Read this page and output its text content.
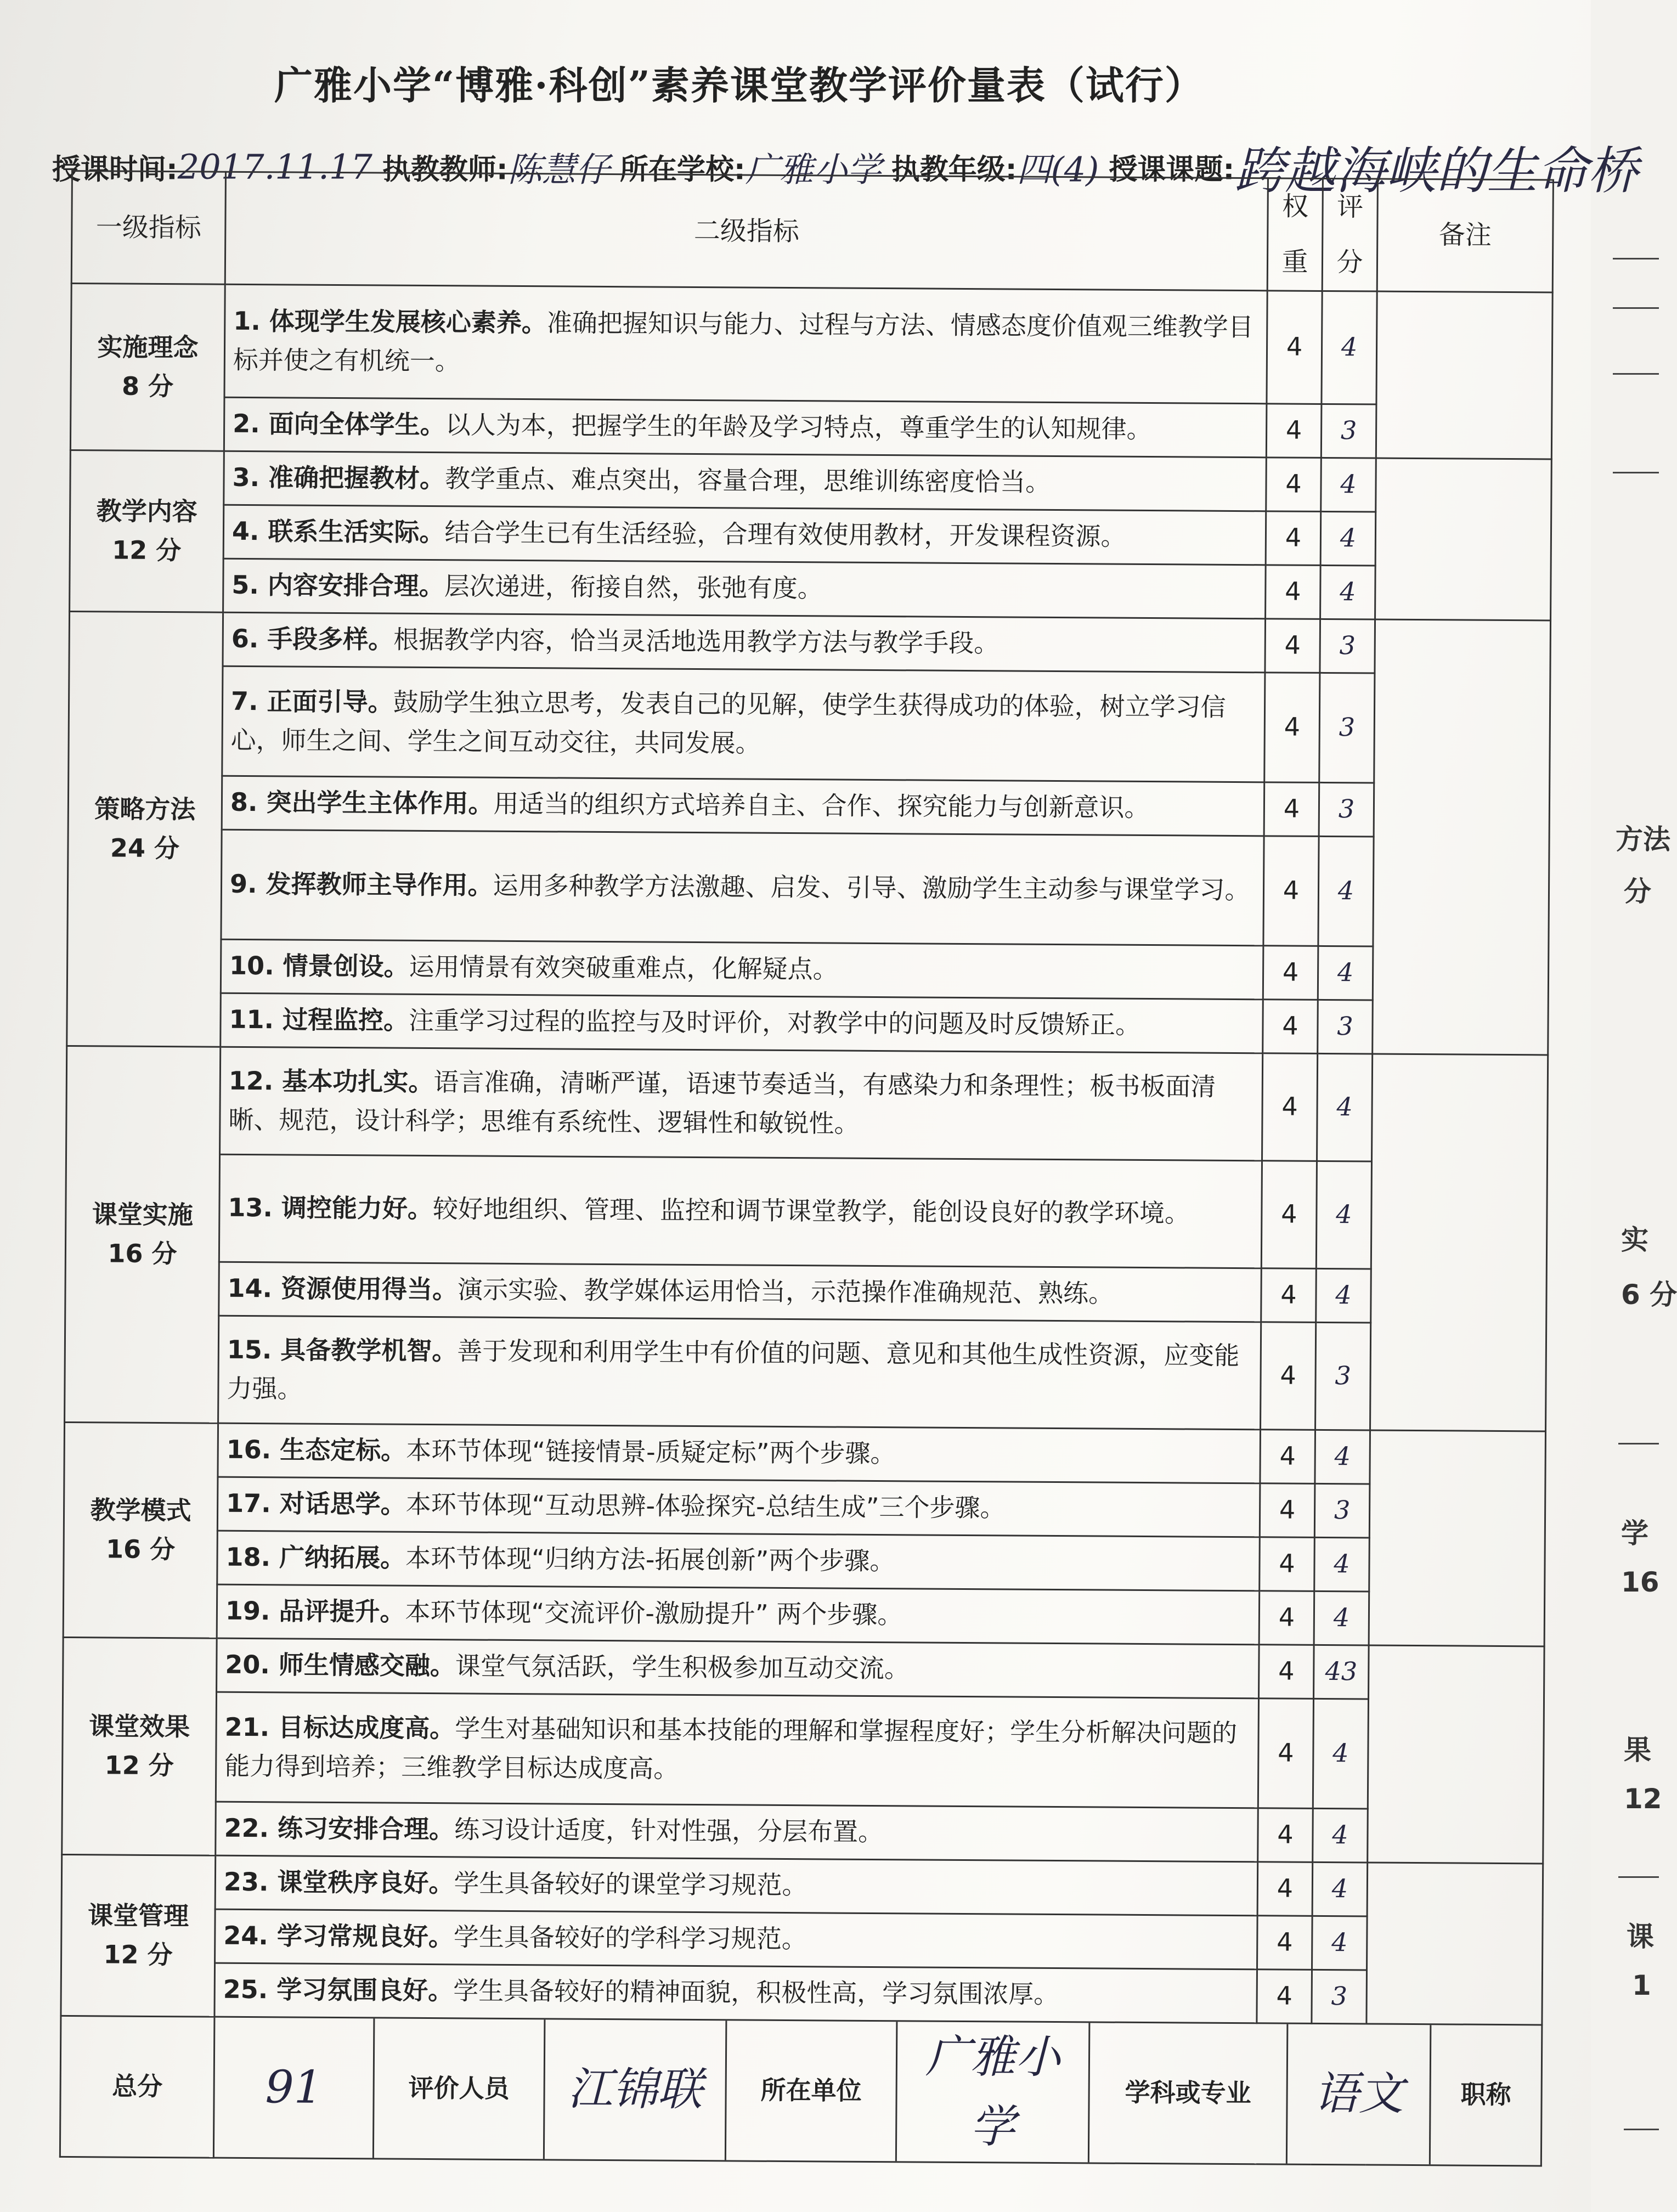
广雅小学“博雅·科创”素养课堂教学评价量表（试行）
授课时间:2017.11.17 执教教师:陈慧仔 所在学校:广雅小学 执教年级:四(4) 授课课题:跨越海峡的生命桥
一级指标	二级指标	权重	评分	备注
实施理念
8 分
	1. 体现学生发展核心素养。准确把握知识与能力、过程与方法、情感态度价值观三维教学目标并使之有机统一。	4	4	
2. 面向全体学生。以人为本，把握学生的年龄及学习特点，尊重学生的认知规律。	4	3
教学内容
12 分
	3. 准确把握教材。教学重点、难点突出，容量合理，思维训练密度恰当。	4	4	
4. 联系生活实际。结合学生已有生活经验，合理有效使用教材，开发课程资源。	4	4
5. 内容安排合理。层次递进，衔接自然，张弛有度。	4	4
策略方法
24 分
	6. 手段多样。根据教学内容，恰当灵活地选用教学方法与教学手段。	4	3	
7. 正面引导。鼓励学生独立思考，发表自己的见解，使学生获得成功的体验，树立学习信心，师生之间、学生之间互动交往，共同发展。	4	3
8. 突出学生主体作用。用适当的组织方式培养自主、合作、探究能力与创新意识。	4	3
9. 发挥教师主导作用。运用多种教学方法激趣、启发、引导、激励学生主动参与课堂学习。	4	4
10. 情景创设。运用情景有效突破重难点，化解疑点。	4	4
11. 过程监控。注重学习过程的监控与及时评价，对教学中的问题及时反馈矫正。	4	3
课堂实施
16 分
	12. 基本功扎实。语言准确，清晰严谨，语速节奏适当，有感染力和条理性；板书板面清晰、规范，设计科学；思维有系统性、逻辑性和敏锐性。	4	4	
13. 调控能力好。较好地组织、管理、监控和调节课堂教学，能创设良好的教学环境。	4	4
14. 资源使用得当。演示实验、教学媒体运用恰当，示范操作准确规范、熟练。	4	4
15. 具备教学机智。善于发现和利用学生中有价值的问题、意见和其他生成性资源，应变能力强。	4	3
教学模式
16 分
	16. 生态定标。本环节体现“链接情景-质疑定标”两个步骤。	4	4	
17. 对话思学。本环节体现“互动思辨-体验探究-总结生成”三个步骤。	4	3
18. 广纳拓展。本环节体现“归纳方法-拓展创新”两个步骤。	4	4
19. 品评提升。本环节体现“交流评价-激励提升” 两个步骤。	4	4
课堂效果
12 分
	20. 师生情感交融。课堂气氛活跃，学生积极参加互动交流。	4	43	
21. 目标达成度高。学生对基础知识和基本技能的理解和掌握程度好；学生分析解决问题的能力得到培养；三维教学目标达成度高。	4	4
22. 练习安排合理。练习设计适度，针对性强，分层布置。	4	4
课堂管理
12 分
	23. 课堂秩序良好。学生具备较好的课堂学习规范。	4	4	
24. 学习常规良好。学生具备较好的学科学习规范。	4	4
25. 学习氛围良好。学生具备较好的精神面貌，积极性高，学习氛围浓厚。	4	3
总分	91	评价人员	江锦联	所在单位	广雅小学	学科或专业	语文	职称
方法
分
实
6 分
学
16
果
12
课
1
